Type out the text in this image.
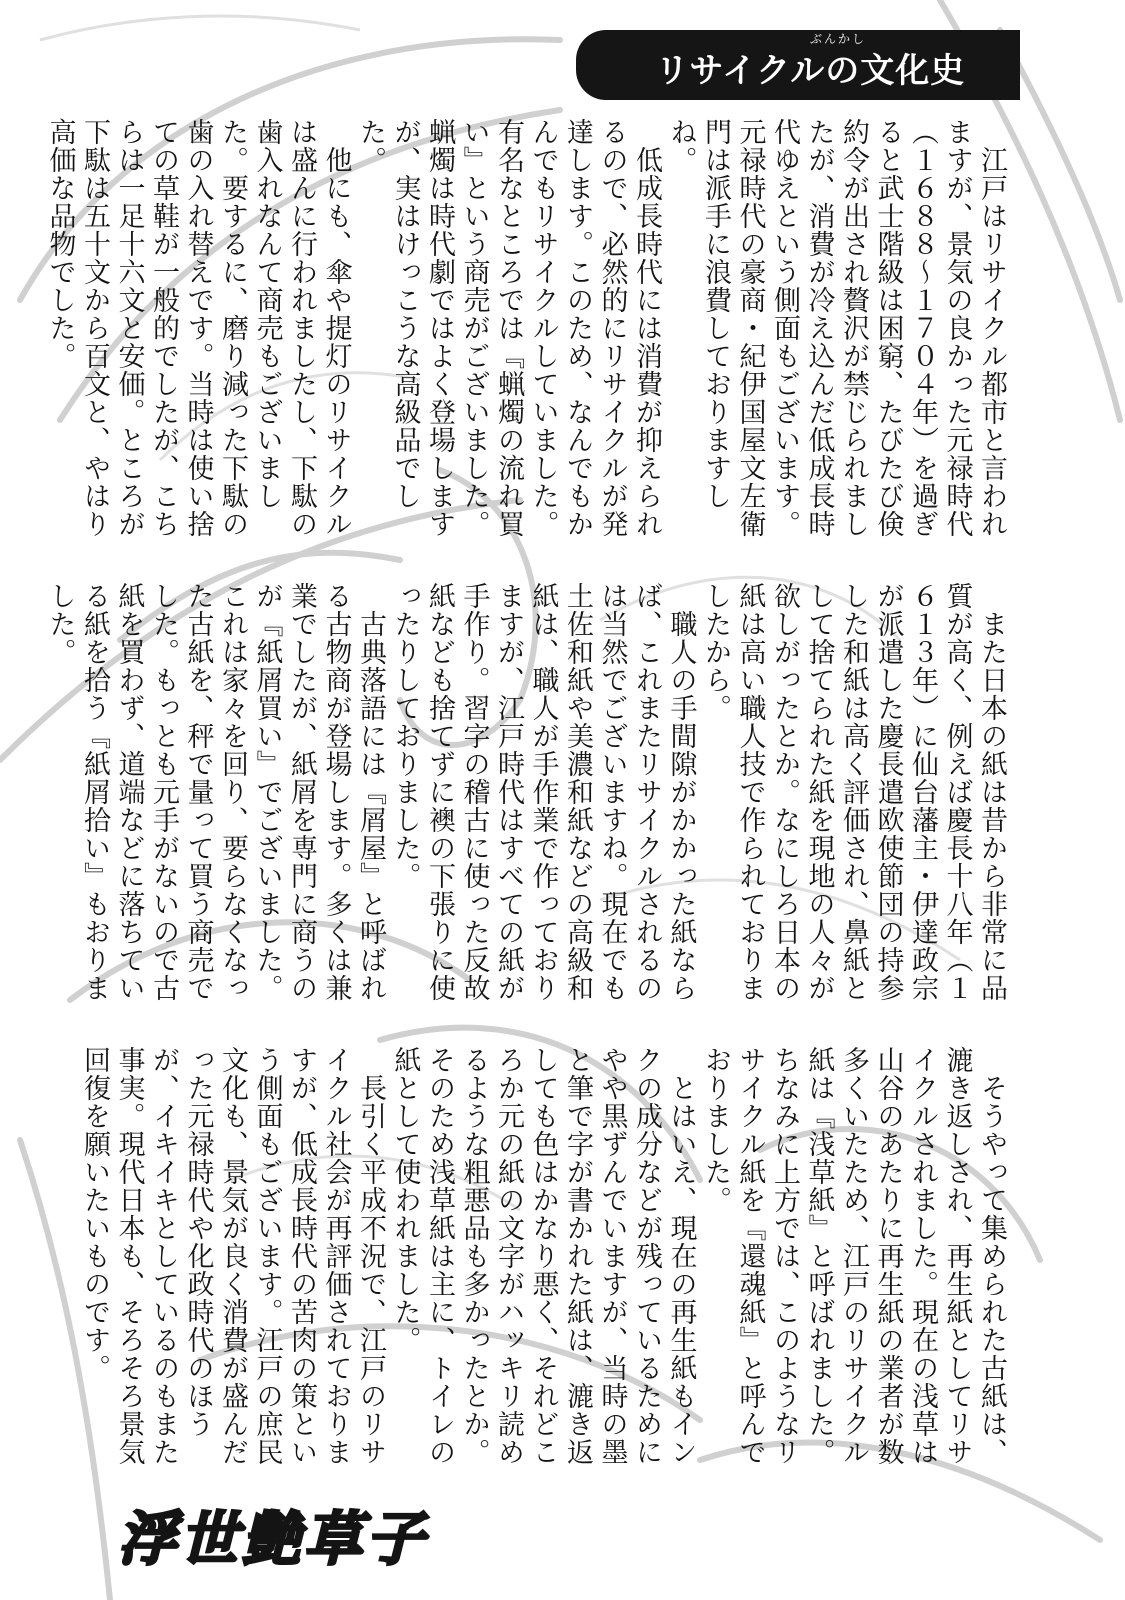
ぶんかし
リサイクルの文化史

　江戸はリサイクル都市と言われますが、景気の良かった元禄時代（１６８８〜１７０４年）を過ぎると武士階級は困窮、たびたび倹約令が出され贅沢が禁じられましたが、消費が冷え込んだ低成長時代ゆえという側面もございます。元禄時代の豪商・紀伊国屋文左衛門は派手に浪費しておりますしね。

　低成長時代には消費が抑えられるので、必然的にリサイクルが発達します。このため、なんでもかんでもリサイクルしていました。有名なところでは『蝋燭の流れ買い』という商売がございました。蝋燭は時代劇ではよく登場しますが、実はけっこうな高級品でした。

　他にも、傘や提灯のリサイクルは盛んに行われましたし、下駄の歯入れなんて商売もございました。要するに、磨り減った下駄の歯の入れ替えです。当時は使い捨ての草鞋が一般的でしたが、こちらは一足十六文と安価。ところが下駄は五十文から百文と、やはり高価な品物でした。

　また日本の紙は昔から非常に品質が高く、例えば慶長十八年（１６１３年）に仙台藩主・伊達政宗が派遣した慶長遣欧使節団の持参した和紙は高く評価され、鼻紙として捨てられた紙を現地の人々が欲しがったとか。なにしろ日本の紙は高い職人技で作られておりましたから。

　職人の手間隙がかかった紙ならば、これまたリサイクルされるのは当然でございますね。現在でも土佐和紙や美濃和紙などの高級和紙は、職人が手作業で作っておりますが、江戸時代はすべての紙が手作り。習字の稽古に使った反故紙なども捨てずに襖の下張りに使ったりしておりました。

　古典落語には『屑屋』と呼ばれる古物商が登場します。多くは兼業でしたが、紙屑を専門に商うのが『紙屑買い』でございました。これは家々を回り、要らなくなった古紙を、秤で量って買う商売でした。もっとも元手がないので古紙を買わず、道端などに落ちている紙を拾う『紙屑拾い』もおりました。

　そうやって集められた古紙は、漉き返しされ、再生紙としてリサイクルされました。現在の浅草は山谷のあたりに再生紙の業者が数多くいたため、江戸のリサイクル紙は『浅草紙』と呼ばれました。ちなみに上方では、このようなリサイクル紙を『還魂紙』と呼んでおりました。

　とはいえ、現在の再生紙もインクの成分などが残っているためにやや黒ずんでいますが、当時の墨と筆で字が書かれた紙は、漉き返しても色はかなり悪く、それどころか元の紙の文字がハッキリ読めるような粗悪品も多かったとか。そのため浅草紙は主に、トイレの紙として使われました。

　長引く平成不況で、江戸のリサイクル社会が再評価されておりますが、低成長時代の苦肉の策という側面もございます。江戸の庶民文化も、景気が良く消費が盛んだった元禄時代や化政時代のほうが、イキイキとしているのもまた事実。現代日本も、そろそろ景気回復を願いたいものです。

浮世艶草子
